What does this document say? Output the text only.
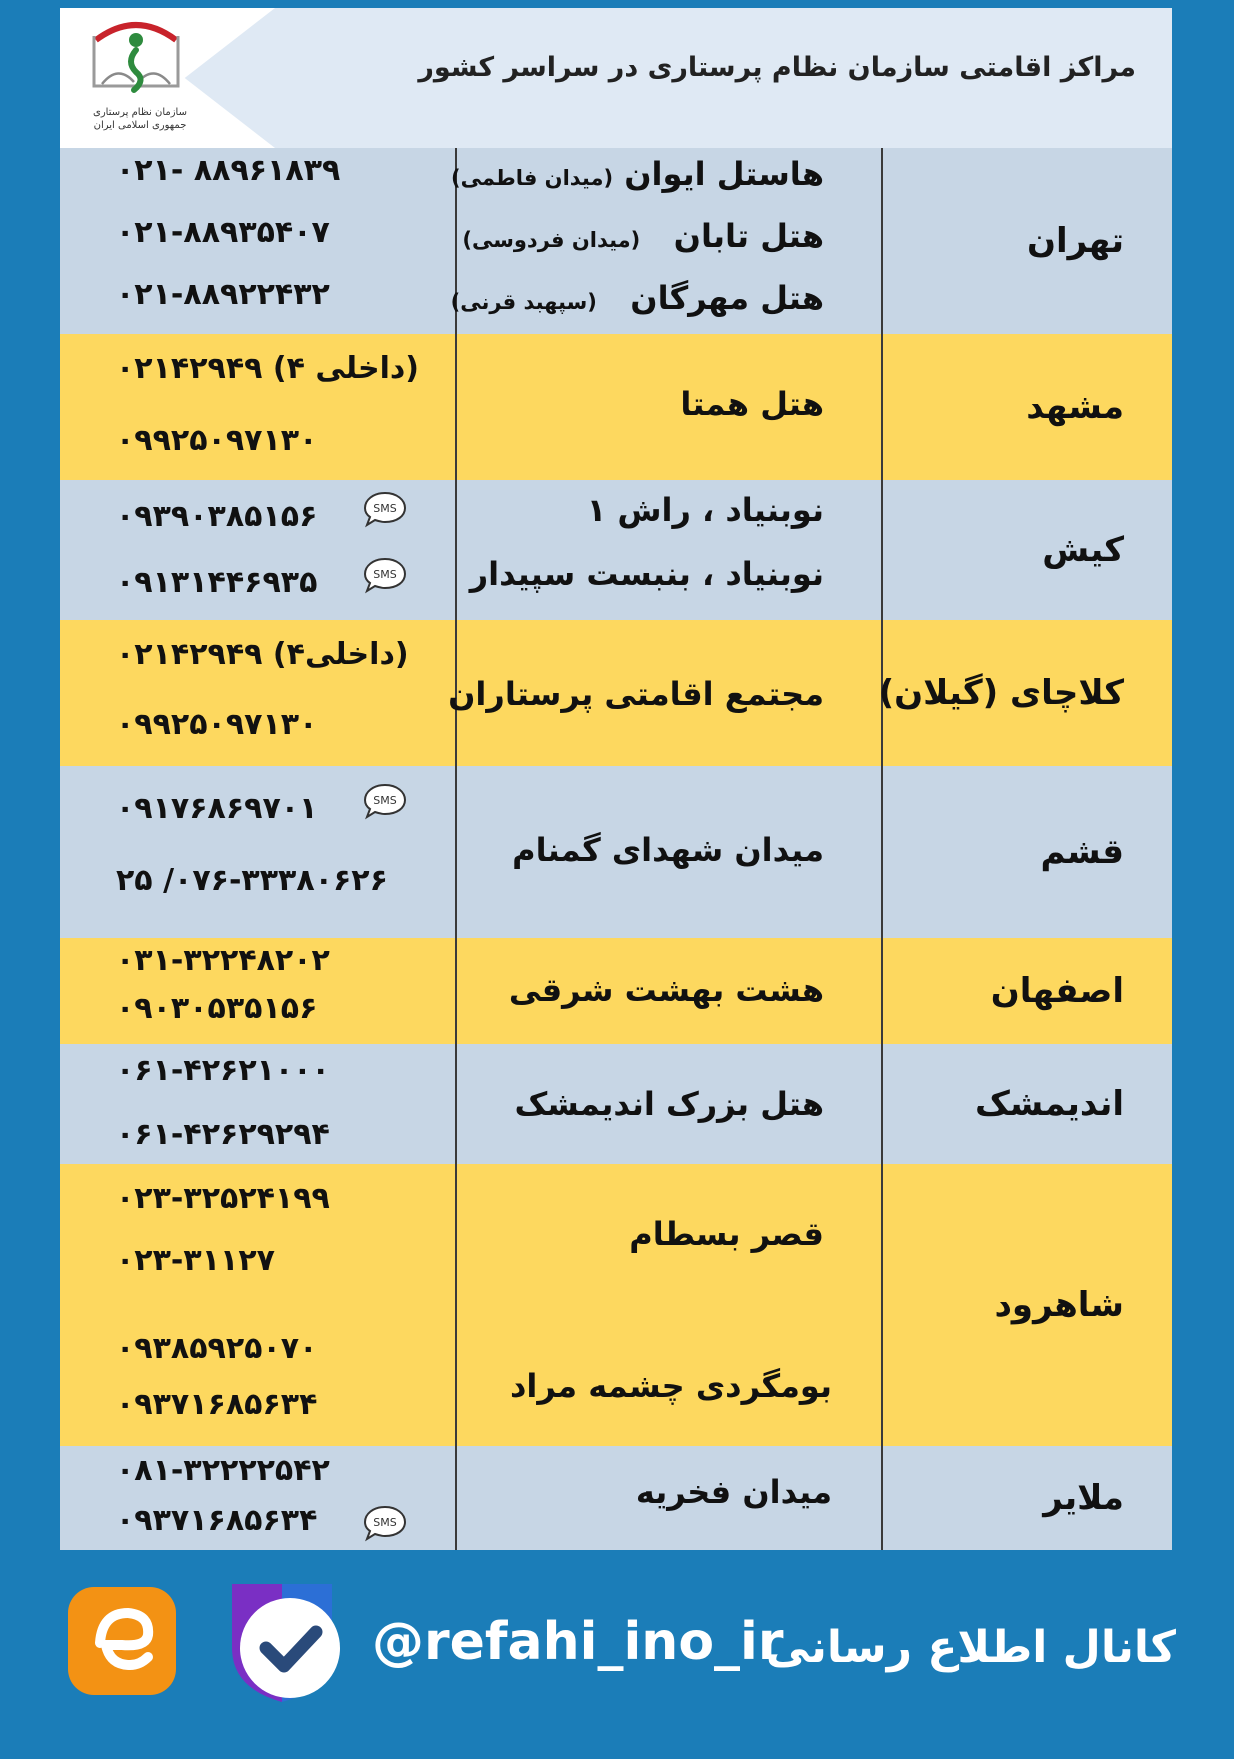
سازمان نظام پرستاری
جمهوری اسلامی ایران
مراکز اقامتی سازمان نظام پرستاری در سراسر کشور
تهران
هاستل ایوان (میدان فاطمی)
هتل تابان   (میدان فردوسی)
هتل مهرگان   (سپهبد قرنی)
۰۲۱- ۸۸۹۶۱۸۳۹
۰۲۱-۸۸۹۳۵۴۰۷
۰۲۱-۸۸۹۲۲۴۳۲
مشهد
هتل همتا
(داخلی ۴) ۰۲۱۴۲۹۴۹
۰۹۹۲۵۰۹۷۱۳۰
کیش
نوبنیاد ، راش ۱
نوبنیاد ، بنبست سپیدار
۰۹۳۹۰۳۸۵۱۵۶
۰۹۱۳۱۴۴۶۹۳۵
SMS
SMS
کلاچای (گیلان)
مجتمع اقامتی پرستاران
(داخلی۴) ۰۲۱۴۲۹۴۹
۰۹۹۲۵۰۹۷۱۳۰
قشم
میدان شهدای گمنام
۰۹۱۷۶۸۶۹۷۰۱
۰۷۶-۳۳۳۸۰۶۲۶/ ۲۵
SMS
اصفهان
هشت بهشت شرقی
۰۳۱-۳۲۲۴۸۲۰۲
۰۹۰۳۰۵۳۵۱۵۶
اندیمشک
هتل بزرک اندیمشک
۰۶۱-۴۲۶۲۱۰۰۰
۰۶۱-۴۲۶۲۹۲۹۴
شاهرود
قصر بسطام
بومگردی چشمه مراد
۰۲۳-۳۲۵۲۴۱۹۹
۰۲۳-۳۱۱۲۷
۰۹۳۸۵۹۲۵۰۷۰
۰۹۳۷۱۶۸۵۶۳۴
ملایر
میدان فخریه
۰۸۱-۳۲۲۲۲۵۴۲
۰۹۳۷۱۶۸۵۶۳۴	SMS
@refahi_ino_ir
کانال اطلاع رسانی
